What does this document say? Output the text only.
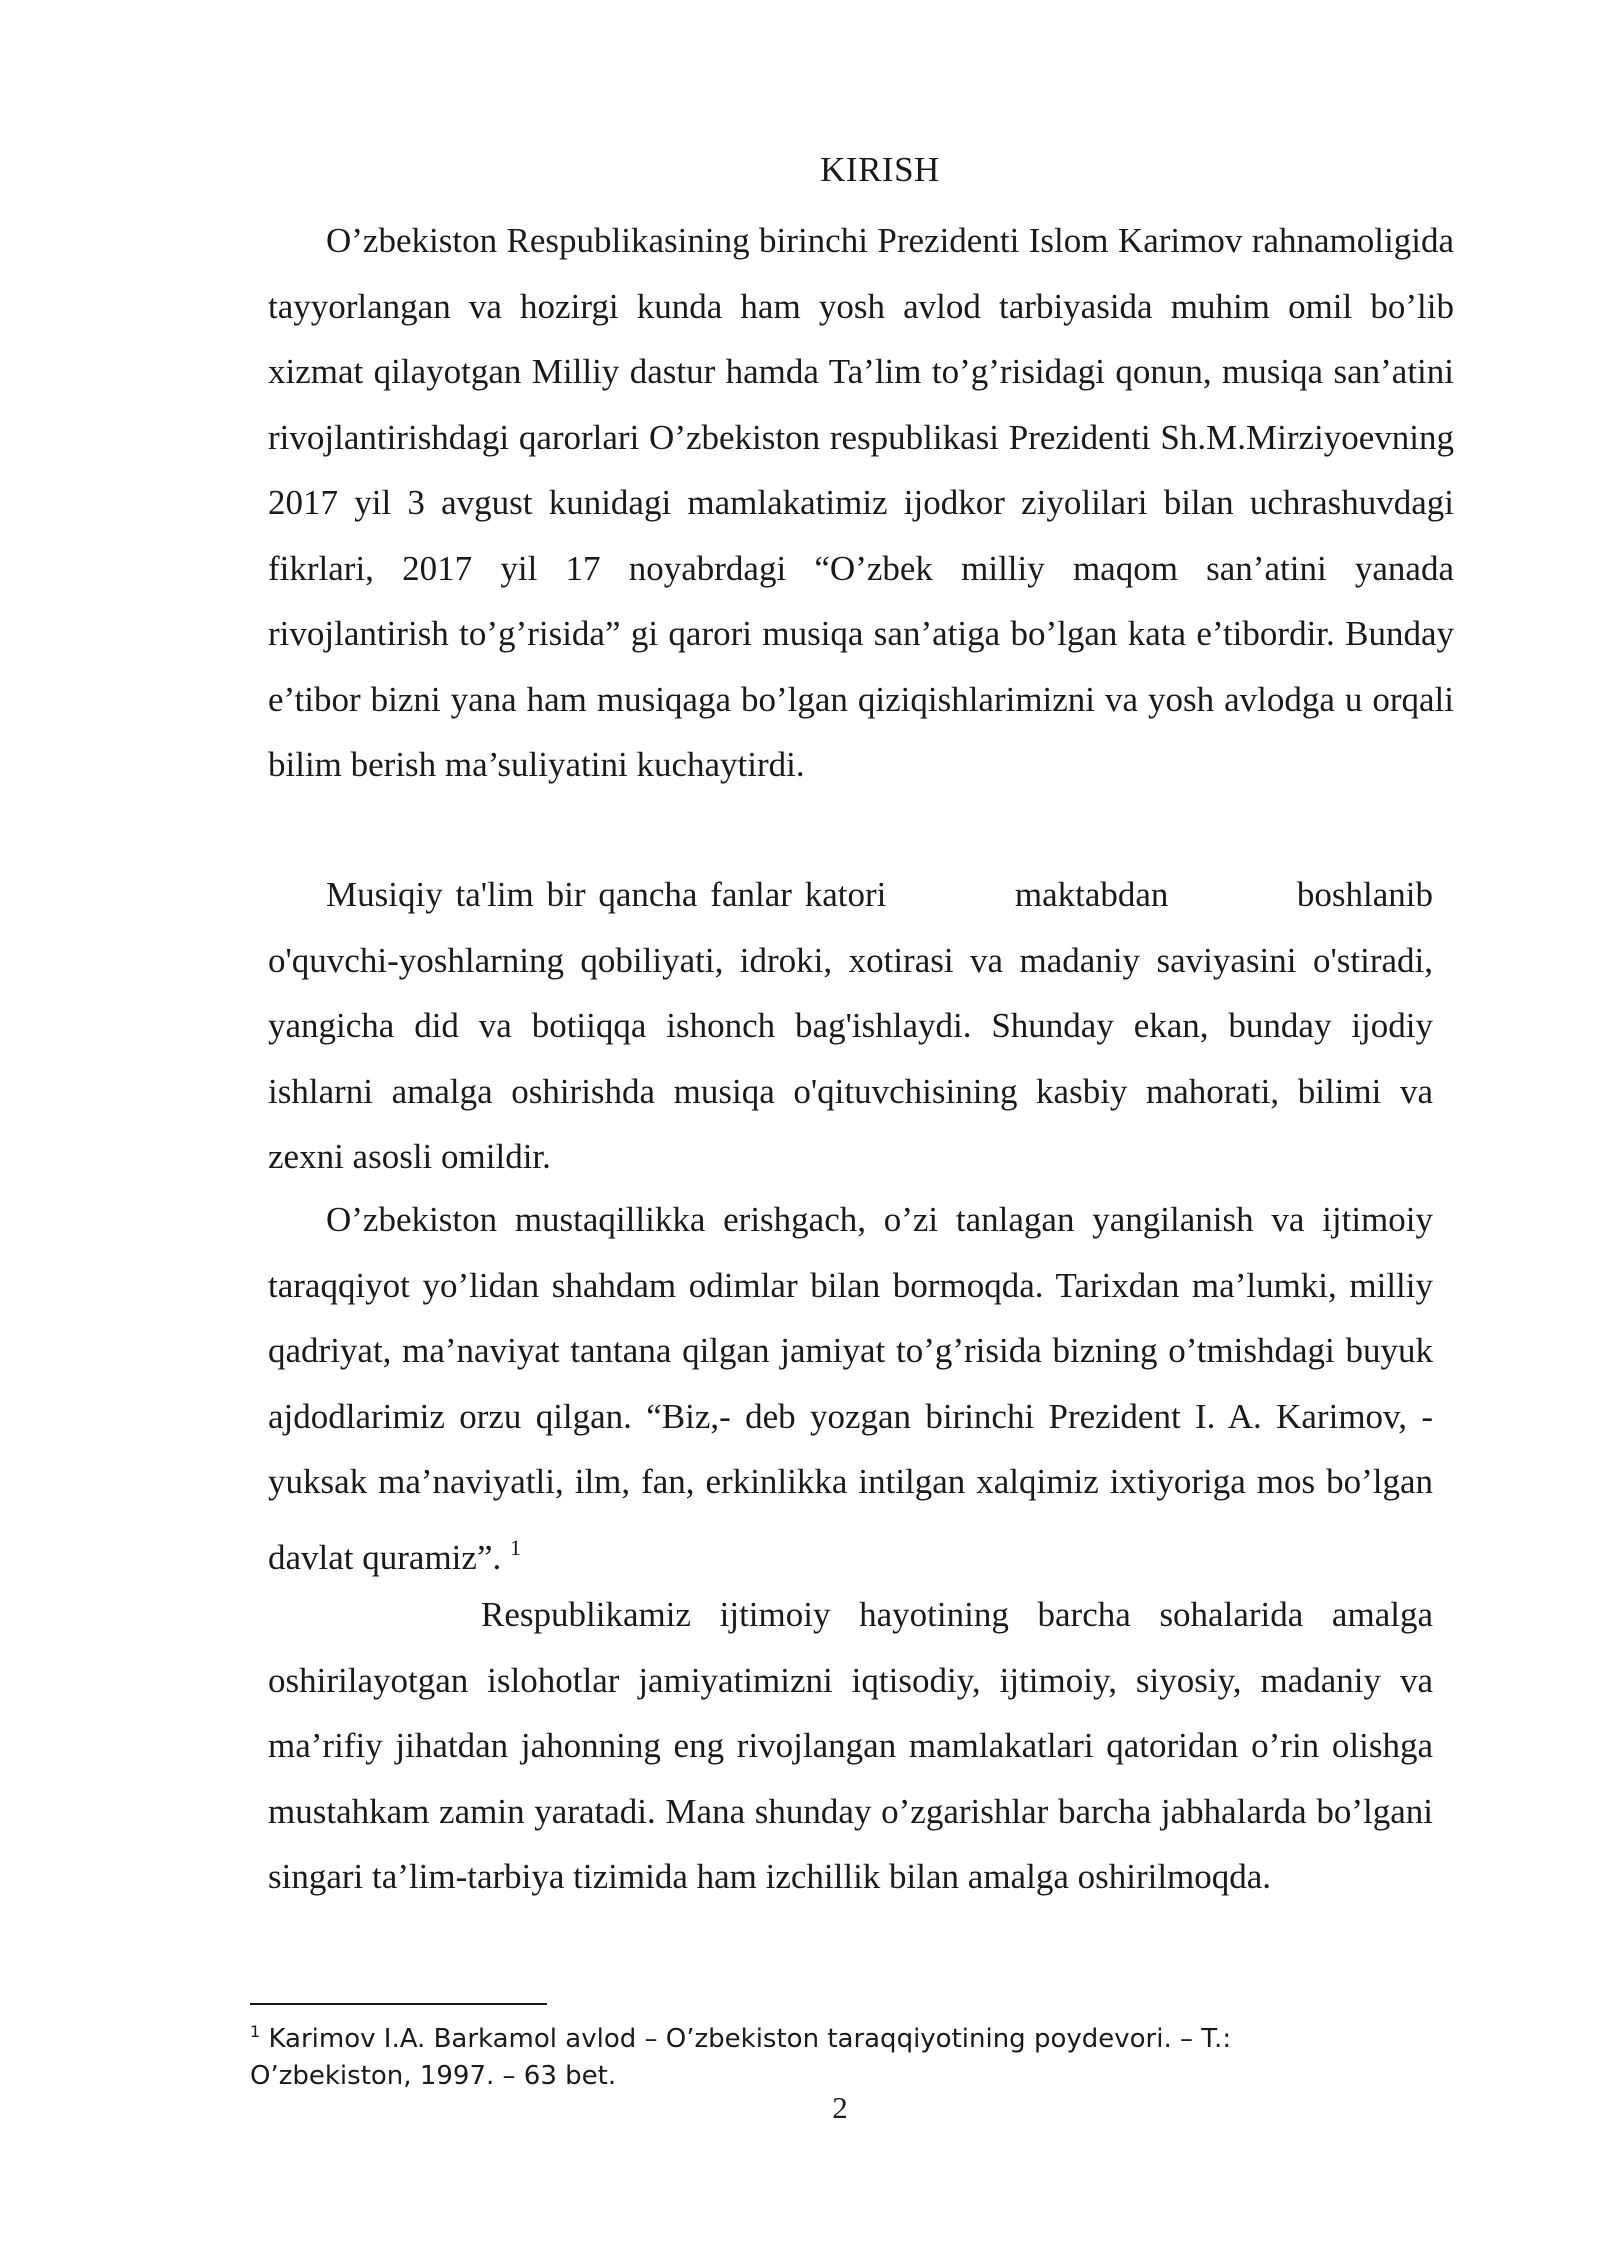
KIRISH

O’zbekiston Respublikasining birinchi Prezidenti Islom Karimov rahnamoligida tayyorlangan va hozirgi kunda ham yosh avlod tarbiyasida muhim omil bo’lib xizmat qilayotgan Milliy dastur hamda Ta’lim to’g’risidagi qonun, musiqa san’atini rivojlantirishdagi qarorlari O’zbekiston respublikasi Prezidenti Sh.M.Mirziyoevning 2017 yil 3 avgust kunidagi mamlakatimiz ijodkor ziyolilari bilan uchrashuvdagi fikrlari, 2017 yil 17 noyabrdagi “O’zbek milliy maqom san’atini yanada rivojlantirish to’g’risida” gi qarori musiqa san’atiga bo’lgan kata e’tibordir. Bunday e’tibor bizni yana ham musiqaga bo’lgan qiziqishlarimizni va yosh avlodga u orqali bilim berish ma’suliyatini kuchaytirdi.

Musiqiy ta'lim bir qancha fanlar katori          maktabdan          boshlanib o'quvchi-yoshlarning qobiliyati, idroki, xotirasi va madaniy saviyasini o'stiradi, yangicha did va botiiqqa ishonch bag'ishlaydi. Shunday ekan, bunday ijodiy ishlarni amalga oshirishda musiqa o'qituvchisining kasbiy mahorati, bilimi va zexni asosli omildir.

O’zbekiston mustaqillikka erishgach, o’zi tanlagan yangilanish va ijtimoiy taraqqiyot yo’lidan shahdam odimlar bilan bormoqda. Tarixdan ma’lumki, milliy qadriyat, ma’naviyat tantana qilgan jamiyat to’g’risida bizning o’tmishdagi buyuk ajdodlarimiz orzu qilgan. “Biz,- deb yozgan birinchi Prezident I. A. Karimov, - yuksak ma’naviyatli, ilm, fan, erkinlikka intilgan xalqimiz ixtiyoriga mos bo’lgan davlat quramiz”. $^1$

Respublikamiz ijtimoiy hayotining barcha sohalarida amalga oshirilayotgan islohotlar jamiyatimizni iqtisodiy, ijtimoiy, siyosiy, madaniy va ma’rifiy jihatdan jahonning eng rivojlangan mamlakatlari qatoridan o’rin olishga mustahkam zamin yaratadi. Mana shunday o’zgarishlar barcha jabhalarda bo’lgani singari ta’lim-tarbiya tizimida ham izchillik bilan amalga oshirilmoqda.

$^1$ Karimov I.A. Barkamol avlod – O’zbekiston taraqqiyotining poydevori. – T.: O’zbekiston, 1997. – 63 bet.
2
